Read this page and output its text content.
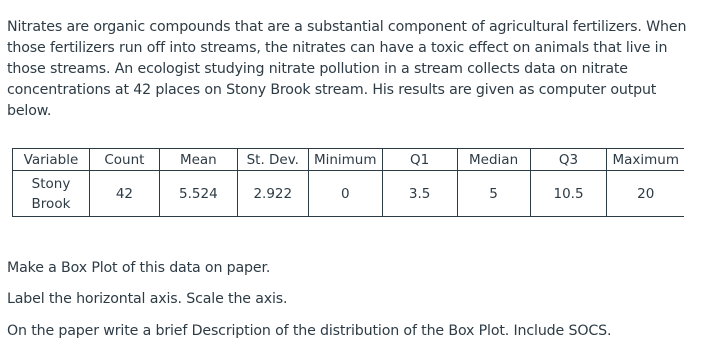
Nitrates are organic compounds that are a substantial component of agricultural fertilizers. When those fertilizers run off into streams, the nitrates can have a toxic effect on animals that live in those streams. An ecologist studying nitrate pollution in a stream collects data on nitrate concentrations at 42 places on Stony Brook stream. His results are given as computer output below.

Variable	Count	Mean	St. Dev.	Minimum	Q1	Median	Q3	Maximum
Stony Brook	42	5.524	2.922	0	3.5	5	10.5	20

Make a Box Plot of this data on paper.

Label the horizontal axis. Scale the axis.

On the paper write a brief Description of the distribution of the Box Plot. Include SOCS.
